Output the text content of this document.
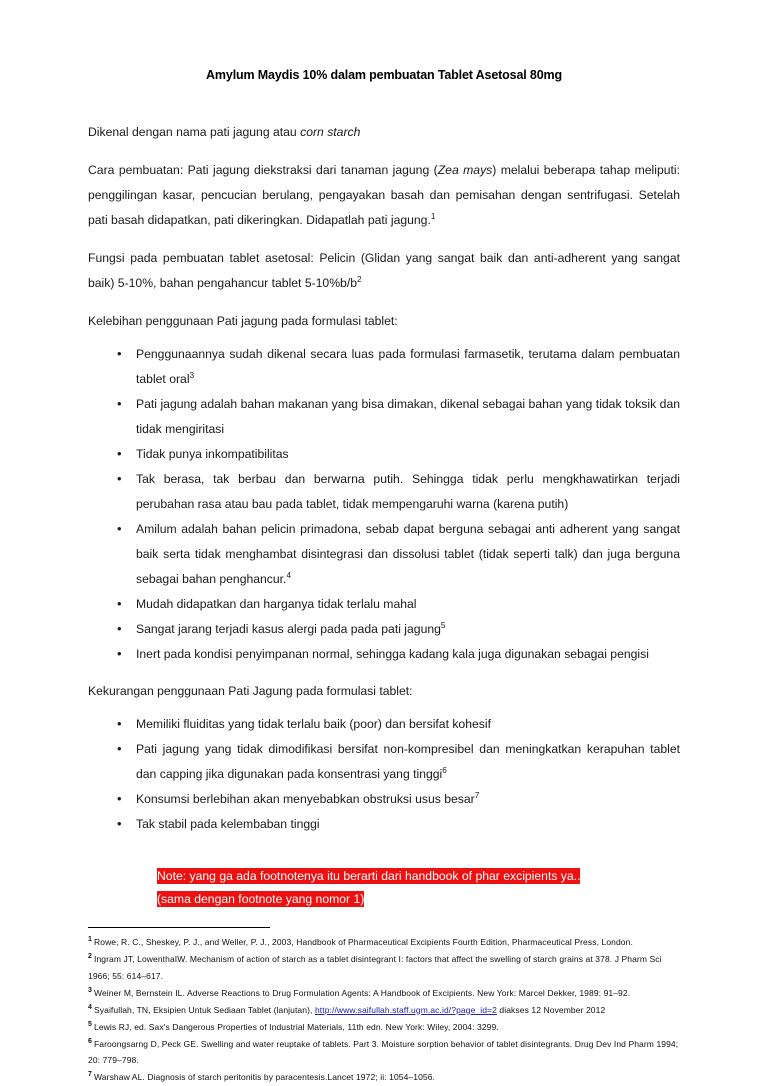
Amylum Maydis 10% dalam pembuatan Tablet Asetosal 80mg

Dikenal dengan nama pati jagung atau corn starch

Cara pembuatan: Pati jagung diekstraksi dari tanaman jagung (Zea mays) melalui beberapa tahap meliputi: penggilingan kasar, pencucian berulang, pengayakan basah dan pemisahan dengan sentrifugasi. Setelah pati basah didapatkan, pati dikeringkan. Didapatlah pati jagung.$^1$

Fungsi pada pembuatan tablet asetosal: Pelicin (Glidan yang sangat baik dan anti-adherent yang sangat baik) 5-10%, bahan pengahancur tablet $5-10\%b/b^2$

Kelebihan penggunaan Pati jagung pada formulasi tablet:

• Penggunaannya sudah dikenal secara luas pada formulasi farmasetik, terutama dalam pembuatan tablet oral$^3$
• Pati jagung adalah bahan makanan yang bisa dimakan, dikenal sebagai bahan yang tidak toksik dan tidak mengiritasi
• Tidak punya inkompatibilitas
• Tak berasa, tak berbau dan berwarna putih. Sehingga tidak perlu mengkhawatirkan terjadi perubahan rasa atau bau pada tablet, tidak mempengaruhi warna (karena putih)
• Amilum adalah bahan pelicin primadona, sebab dapat berguna sebagai anti adherent yang sangat baik serta tidak menghambat disintegrasi dan dissolusi tablet (tidak seperti talk) dan juga berguna sebagai bahan penghancur.$^4$
• Mudah didapatkan dan harganya tidak terlalu mahal
• Sangat jarang terjadi kasus alergi pada pada pati jagung$^5$
• Inert pada kondisi penyimpanan normal, sehingga kadang kala juga digunakan sebagai pengisi

Kekurangan penggunaan Pati Jagung pada formulasi tablet:

• Memiliki fluiditas yang tidak terlalu baik (poor) dan bersifat kohesif
• Pati jagung yang tidak dimodifikasi bersifat non-kompresibel dan meningkatkan kerapuhan tablet dan capping jika digunakan pada konsentrasi yang tinggi$^6$
• Konsumsi berlebihan akan menyebabkan obstruksi usus besar$^7$
• Tak stabil pada kelembaban tinggi
Note: yang ga ada footnotenya itu berarti dari handbook of phar excipients ya..
(sama dengan footnote yang nomor 1)
$^1$ Rowe, R. C., Sheskey, P. J., and Weller, P. J., 2003, Handbook of Pharmaceutical Excipients Fourth Edition, Pharmaceutical Press, London.
$^2$ Ingram JT, LowenthaIW. Mechanism of action of starch as a tablet disintegrant I: factors that affect the swelling of starch grains at 378. J Pharm Sci 1966; 55: 614–617.
$^3$ Weiner M, Bernstein IL. Adverse Reactions to Drug Formulation Agents: A Handbook of Excipients. New York: Marcel Dekker, 1989: 91–92.
$^4$ Syaifullah, TN, Eksipien Untuk Sediaan Tablet (lanjutan), http://www.saifullah.staff.ugm.ac.id/?page_id=2 diakses 12 November 2012
$^5$ Lewis RJ, ed. Sax's Dangerous Properties of Industrial Materials, 11th edn. New York: Wiley, 2004: 3299.
$^6$ Faroongsarng D, Peck GE. Swelling and water reuptake of tablets. Part 3. Moisture sorption behavior of tablet disintegrants. Drug Dev Ind Pharm 1994; 20: 779–798.
$^7$ Warshaw AL. Diagnosis of starch peritonitis by paracentesis.Lancet 1972; ii: 1054–1056.
